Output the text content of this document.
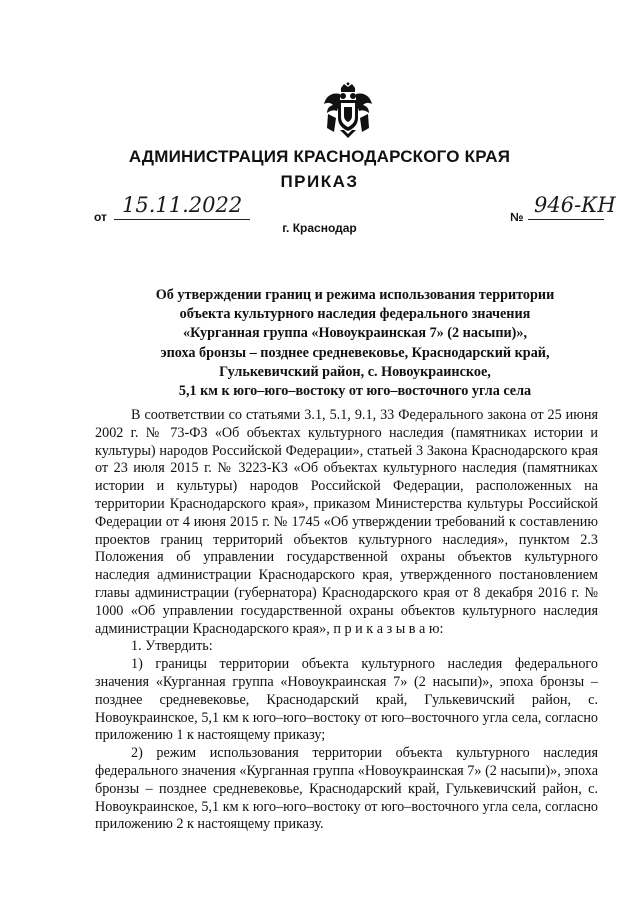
АДМИНИСТРАЦИЯ КРАСНОДАРСКОГО КРАЯ
ПРИКАЗ
от 15.11.2022
г. Краснодар
№ 946-КН
Об утверждении границ и режима использования территории
объекта культурного наследия федерального значения
«Курганная группа «Новоукраинская 7» (2 насыпи)»,
эпоха бронзы – позднее средневековье, Краснодарский край,
Гулькевичский район, с. Новоукраинское,
5,1 км к юго–юго–востоку от юго–восточного угла села

В соответствии со статьями 3.1, 5.1, 9.1, 33 Федерального закона от 25 июня 2002 г. № 73-ФЗ «Об объектах культурного наследия (памятниках истории и культуры) народов Российской Федерации», статьей 3 Закона Краснодарского края от 23 июля 2015 г. № 3223-КЗ «Об объектах культурного наследия (памятниках истории и культуры) народов Российской Федерации, расположенных на территории Краснодарского края», приказом Министерства культуры Российской Федерации от 4 июня 2015 г. № 1745 «Об утверждении требований к составлению проектов границ территорий объектов культурного наследия», пунктом 2.3 Положения об управлении государственной охраны объектов культурного наследия администрации Краснодарского края, утвержденного постановлением главы администрации (губернатора) Краснодарского края от 8 декабря 2016 г. № 1000 «Об управлении государственной охраны объектов культурного наследия администрации Краснодарского края», п р и к а з ы в а ю:

1. Утвердить:

1) границы территории объекта культурного наследия федерального значения «Курганная группа «Новоукраинская 7» (2 насыпи)», эпоха бронзы – позднее средневековье, Краснодарский край, Гулькевичский район, с. Новоукраинское, 5,1 км к юго–юго–востоку от юго–восточного угла села, согласно приложению 1 к настоящему приказу;

2) режим использования территории объекта культурного наследия федерального значения «Курганная группа «Новоукраинская 7» (2 насыпи)», эпоха бронзы – позднее средневековье, Краснодарский край, Гулькевичский район, с. Новоукраинское, 5,1 км к юго–юго–востоку от юго–восточного угла села, согласно приложению 2 к настоящему приказу.
